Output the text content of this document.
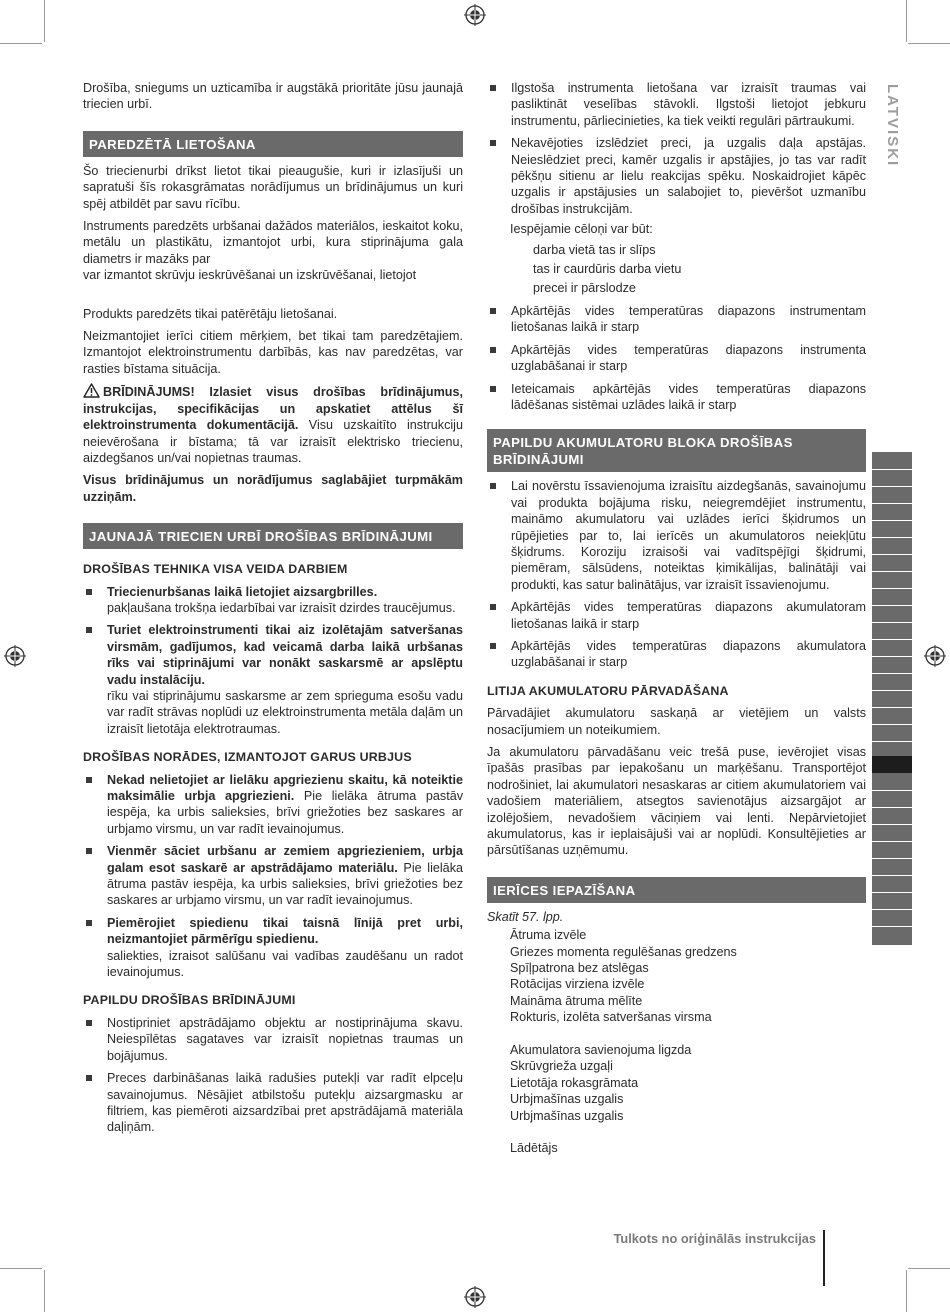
LATVISKI

Drošība, sniegums un uzticamība ir augstākā prioritāte jūsu jaunajā triecien urbī.

PAREDZĒTĀ LIETOŠANA

Šo triecienurbi drīkst lietot tikai pieaugušie, kuri ir izlasījuši un sapratuši šīs rokasgrāmatas norādījumus un brīdinājumus un kuri spēj atbildēt par savu rīcību.

Instruments paredzēts urbšanai dažādos materiālos, ieskaitot koku, metālu un plastikātu, izmantojot urbi, kura stiprinājuma gala diametrs ir mazāks par

var izmantot skrūvju ieskrūvēšanai un izskrūvēšanai, lietojot

Produkts paredzēts tikai patērētāju lietošanai.

Neizmantojiet ierīci citiem mērķiem, bet tikai tam paredzētajiem. Izmantojot elektroinstrumentu darbībās, kas nav paredzētas, var rasties bīstama situācija.

BRĪDINĀJUMS! Izlasiet visus drošības brīdinājumus, instrukcijas, specifikācijas un apskatiet attēlus šī elektroinstrumenta dokumentācijā. Visu uzskaitīto instrukciju neievērošana ir bīstama; tā var izraisīt elektrisko triecienu, aizdegšanos un/vai nopietnas traumas.

Visus brīdinājumus un norādījumus saglabājiet turpmākām uzziņām.

JAUNAJĀ TRIECIEN URBĪ DROŠĪBAS BRĪDINĀJUMI
DROŠĪBAS TEHNIKA VISA VEIDA DARBIEM
Triecienurbšanas laikā lietojiet aizsargbrilles.
pakļaušana trokšņa iedarbībai var izraisīt dzirdes traucējumus.
Turiet elektroinstrumenti tikai aiz izolētajām satveršanas virsmām, gadījumos, kad veicamā darba laikā urbšanas rīks vai stiprinājumi var nonākt saskarsmē ar apslēptu vadu instalāciju.
rīku vai stiprinājumu saskarsme ar zem sprieguma esošu vadu var radīt strāvas noplūdi uz elektroinstrumenta metāla daļām un izraisīt lietotāja elektrotraumas.
DROŠĪBAS NORĀDES, IZMANTOJOT GARUS URBJUS
Nekad nelietojiet ar lielāku apgriezienu skaitu, kā noteiktie maksimālie urbja apgriezieni. Pie lielāka ātruma pastāv iespēja, ka urbis salieksies, brīvi griežoties bez saskares ar urbjamo virsmu, un var radīt ievainojumus.
Vienmēr sāciet urbšanu ar zemiem apgriezieniem, urbja galam esot saskarē ar apstrādājamo materiālu. Pie lielāka ātruma pastāv iespēja, ka urbis salieksies, brīvi griežoties bez saskares ar urbjamo virsmu, un var radīt ievainojumus.
Piemērojiet spiedienu tikai taisnā līnijā pret urbi, neizmantojiet pārmērīgu spiedienu.
saliekties, izraisot salūšanu vai vadības zaudēšanu un radot ievainojumus.
PAPILDU DROŠĪBAS BRĪDINĀJUMI
Nostipriniet apstrādājamo objektu ar nostiprinājuma skavu. Neiespīlētas sagataves var izraisīt nopietnas traumas un bojājumus.
Preces darbināšanas laikā radušies putekļi var radīt elpceļu savainojumus. Nēsājiet atbilstošu putekļu aizsargmasku ar filtriem, kas piemēroti aizsardzībai pret apstrādājamā materiāla daļiņām.
Ilgstoša instrumenta lietošana var izraisīt traumas vai pasliktināt veselības stāvokli. Ilgstoši lietojot jebkuru instrumentu, pārliecinieties, ka tiek veikti regulāri pārtraukumi.
Nekavējoties izslēdziet preci, ja uzgalis daļa apstājas. Neieslēdziet preci, kamēr uzgalis ir apstājies, jo tas var radīt pēkšņu sitienu ar lielu reakcijas spēku. Noskaidrojiet kāpēc uzgalis ir apstājusies un salabojiet to, pievēršot uzmanību drošības instrukcijām.

Iespējamie cēloņi var būt:

darba vietā tas ir slīps

tas ir caurdūris darba vietu

precei ir pārslodze

Apkārtējās vides temperatūras diapazons instrumentam lietošanas laikā ir starp
Apkārtējās vides temperatūras diapazons instrumenta uzglabāšanai ir starp
Ieteicamais apkārtējās vides temperatūras diapazons lādēšanas sistēmai uzlādes laikā ir starp
PAPILDU AKUMULATORU BLOKA DROŠĪBAS BRĪDINĀJUMI
Lai novērstu īssavienojuma izraisītu aizdegšanās, savainojumu vai produkta bojājuma risku, neiegremdējiet instrumentu, maināmo akumulatoru vai uzlādes ierīci šķidrumos un rūpējieties par to, lai ierīcēs un akumulatoros neiekļūtu šķidrums. Koroziju izraisoši vai vadītspējīgi šķidrumi, piemēram, sālsūdens, noteiktas ķimikālijas, balinātāji vai produkti, kas satur balinātājus, var izraisīt īssavienojumu.
Apkārtējās vides temperatūras diapazons akumulatoram lietošanas laikā ir starp
Apkārtējās vides temperatūras diapazons akumulatora uzglabāšanai ir starp
LITIJA AKUMULATORU PĀRVADĀŠANA

Pārvadājiet akumulatoru saskaņā ar vietējiem un valsts nosacījumiem un noteikumiem.

Ja akumulatoru pārvadāšanu veic trešā puse, ievērojiet visas īpašās prasības par iepakošanu un marķēšanu. Transportējot nodrošiniet, lai akumulatori nesaskaras ar citiem akumulatoriem vai vadošiem materiāliem, atsegtos savienotājus aizsargājot ar izolējošiem, nevadošiem vāciņiem vai lenti. Nepārvietojiet akumulatorus, kas ir ieplaisājuši vai ar noplūdi. Konsultējieties ar pārsūtīšanas uzņēmumu.

IERĪCES IEPAZĪŠANA

Skatīt 57. lpp.

Ātruma izvēle
Griezes momenta regulēšanas gredzens
Spīļpatrona bez atslēgas
Rotācijas virziena izvēle
Maināma ātruma mēlīte
Rokturis, izolēta satveršanas virsma
Akumulatora savienojuma ligzda
Skrūvgrieža uzgaļi
Lietotāja rokasgrāmata
Urbjmašīnas uzgalis
Urbjmašīnas uzgalis
Lādētājs
Tulkots no oriģinālās instrukcijas
